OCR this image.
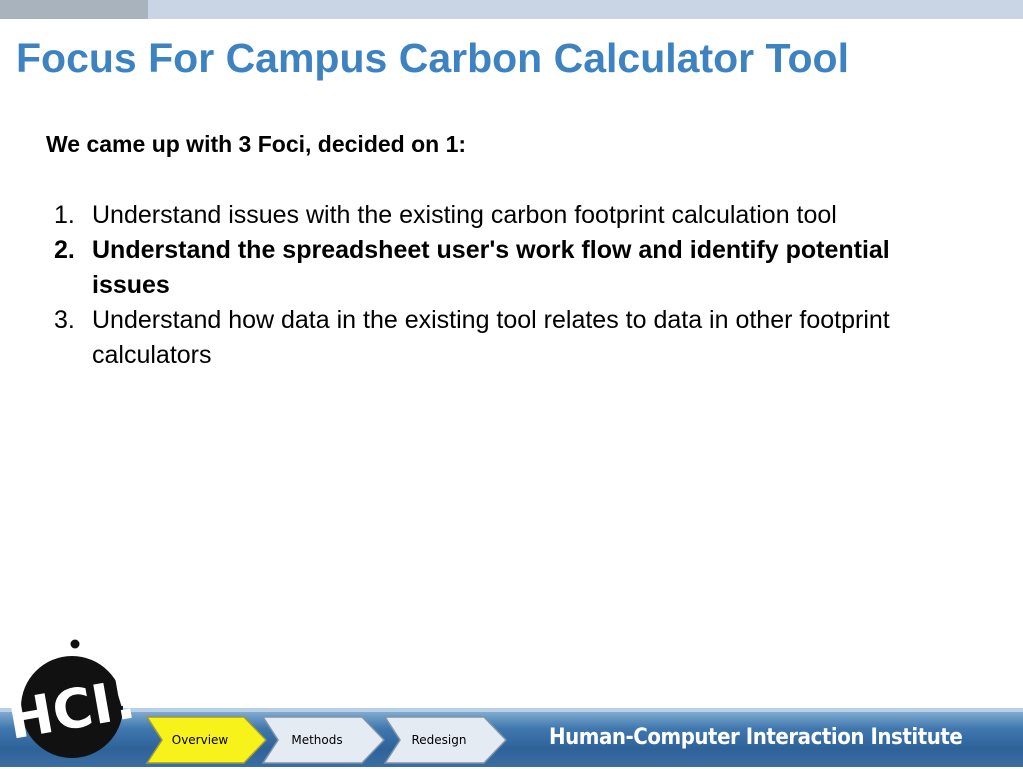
Focus For Campus Carbon Calculator Tool

We came up with 3 Foci, decided on 1:

1. Understand issues with the existing carbon footprint calculation tool
2. Understand the spreadsheet user's work flow and identify potential issues
3. Understand how data in the existing tool relates to data in other footprint calculators
Overview	Methods	Redesign	Human-Computer Interaction Institute

HCI!
